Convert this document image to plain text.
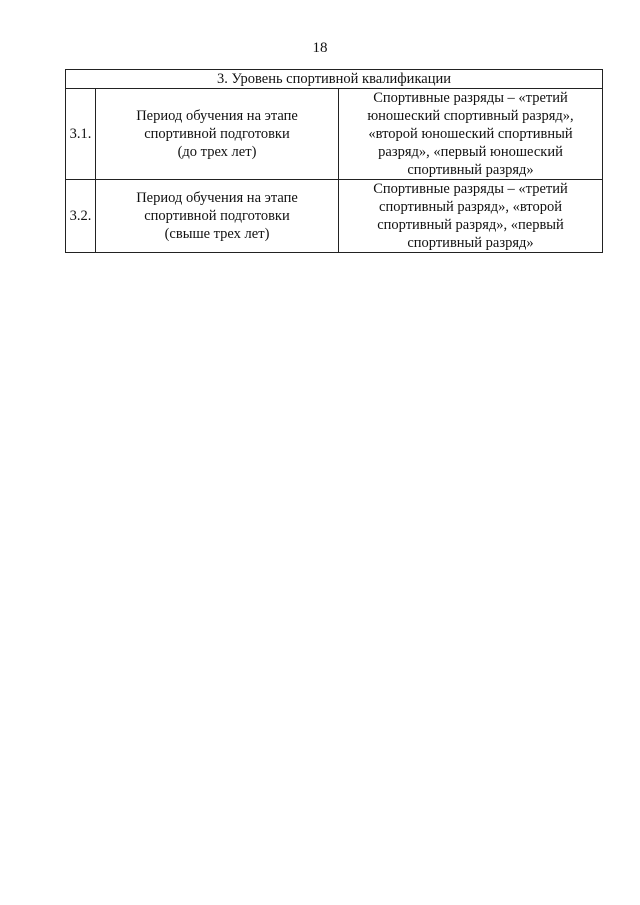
18
3. Уровень спортивной квалификации		
3.1.	Период обучения на этапе
спортивной подготовки
(до трех лет)	Спортивные разряды – «третий
юношеский спортивный разряд»,
«второй юношеский спортивный
разряд», «первый юношеский
спортивный разряд»

3.2.	Период обучения на этапе
спортивной подготовки
(свыше трех лет)	Спортивные разряды – «третий
спортивный разряд», «второй
спортивный разряд», «первый
спортивный разряд»
